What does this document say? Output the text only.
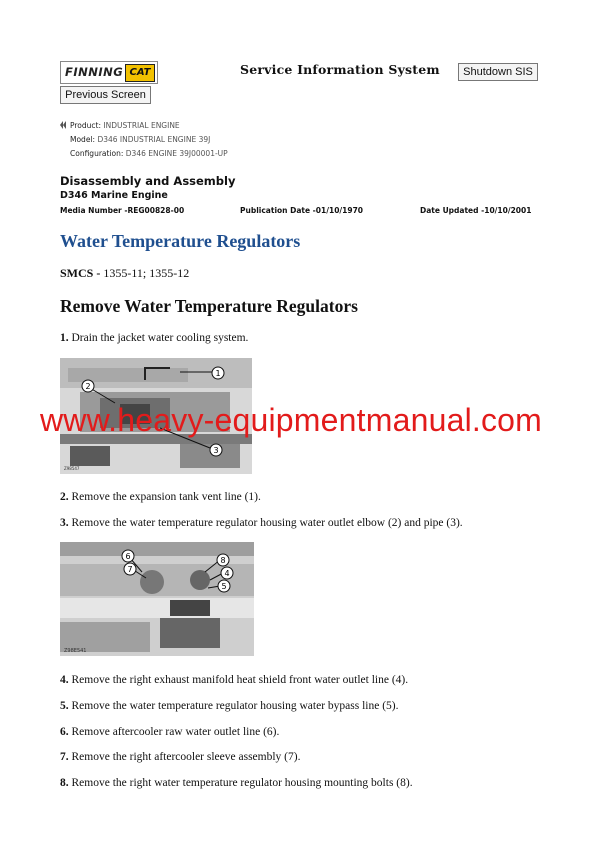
FINNING CAT	Service Information System	Shutdown SIS
Previous Screen
Product: INDUSTRIAL ENGINE
Model: D346 INDUSTRIAL ENGINE 39J
Configuration: D346 ENGINE 39J00001-UP
Disassembly and Assembly
D346 Marine Engine
Media Number -REG00828-00	Publication Date -01/10/1970	Date Updated -10/10/2001
Water Temperature Regulators
SMCS - 1355-11; 1355-12
Remove Water Temperature Regulators
1. Drain the jacket water cooling system.
1
2
3
Z98547
2. Remove the expansion tank vent line (1).
3. Remove the water temperature regulator housing water outlet elbow (2) and pipe (3).
6
7
8
4
5
Z98E541
4. Remove the right exhaust manifold heat shield front water outlet line (4).
5. Remove the water temperature regulator housing water bypass line (5).
6. Remove aftercooler raw water outlet line (6).
7. Remove the right aftercooler sleeve assembly (7).
8. Remove the right water temperature regulator housing mounting bolts (8).
www.heavy-equipmentmanual.com
